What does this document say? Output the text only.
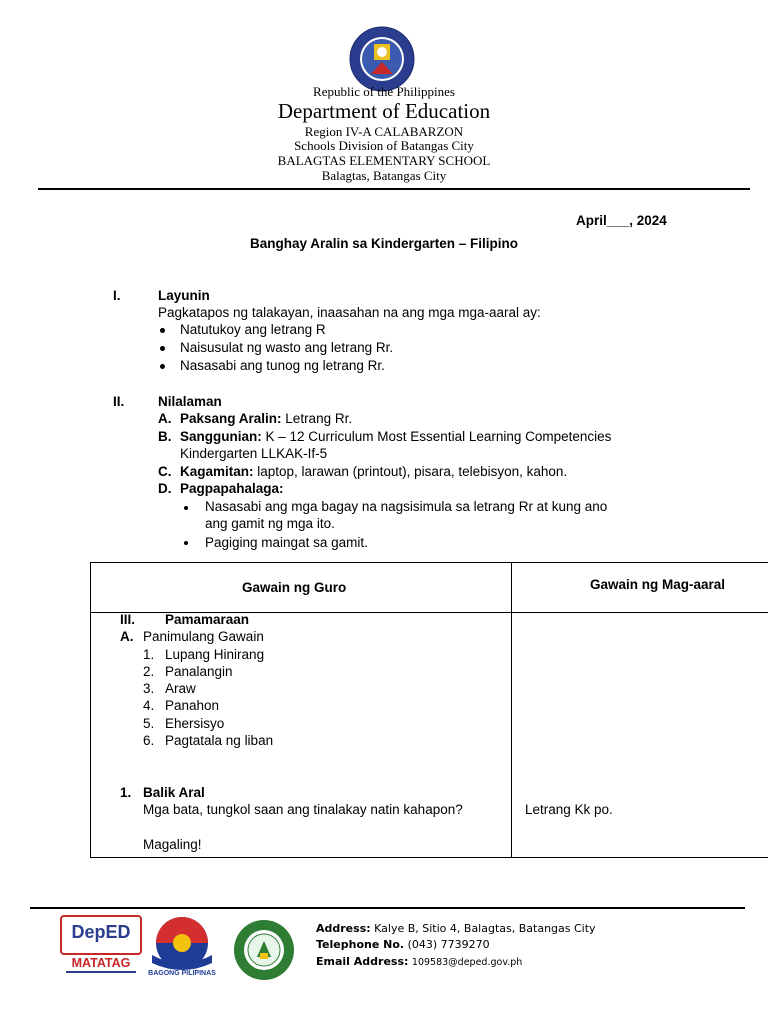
Republic of the Philippines
Department of Education
Region IV-A CALABARZON
Schools Division of Batangas City
BALAGTAS ELEMENTARY SCHOOL
Balagtas, Batangas City
April___, 2024
Banghay Aralin sa Kindergarten – Filipino
I.	Layunin
Pagkatapos ng talakayan, inaasahan na ang mga mga-aaral ay:
Natutukoy ang letrang R
Naisusulat ng wasto ang letrang Rr.
Nasasabi ang tunog ng letrang Rr.
II. Nilalaman
A. Paksang Aralin: Letrang Rr.
B. Sanggunian: K – 12 Curriculum Most Essential Learning Competencies
Kindergarten LLKAK-If-5
C. Kagamitan: laptop, larawan (printout), pisara, telebisyon, kahon.
D. Pagpapahalaga:
Nasasabi ang mga bagay na nagsisimula sa letrang Rr at kung ano
ang gamit ng mga ito.
Pagiging maingat sa gamit.
Gawain ng Guro	Gawain ng Mag-aaral
III. Pamamaraan
A. Panimulang Gawain
1. Lupang Hinirang
2. Panalangin
3. Araw
4. Panahon
5. Ehersisyo
6. Pagtatala ng liban
1. Balik Aral
Mga bata, tungkol saan ang tinalakay natin kahapon?	Letrang Kk po.
Magaling!
DepED
MATATAG
BAGONG PILIPINAS
Address: Kalye B, Sitio 4, Balagtas, Batangas City
Telephone No. (043) 7739270
Email Address: 109583@deped.gov.ph
